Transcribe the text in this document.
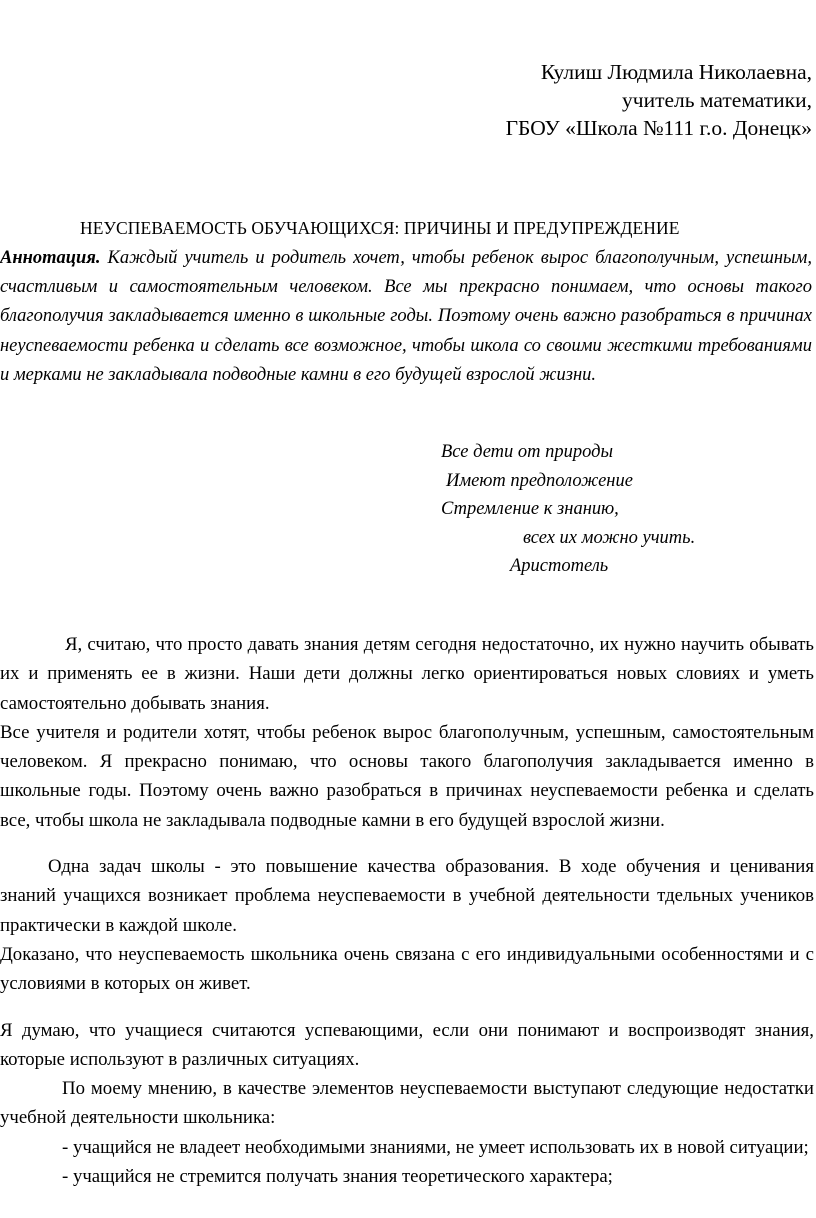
Кулиш Людмила Николаевна,
учитель математики,
ГБОУ «Школа №111 г.о. Донецк»
НЕУСПЕВАЕМОСТЬ ОБУЧАЮЩИХСЯ: ПРИЧИНЫ И ПРЕДУПРЕЖДЕНИЕ
Аннотация. Каждый учитель и родитель хочет, чтобы ребенок вырос благополучным, успешным, счастливым и самостоятельным человеком. Все мы прекрасно понимаем, что основы такого благополучия закладывается именно в школьные годы. Поэтому очень важно разобраться в причинах неуспеваемости ребенка и сделать все возможное, чтобы школа со своими жесткими требованиями и мерками не закладывала подводные камни в его будущей взрослой жизни.
Все дети от природы
Имеют предположение
Стремление к знанию,
всех их можно учить.
Аристотель

Я, считаю, что просто давать знания детям сегодня недостаточно, их нужно научить обывать их и применять ее в жизни. Наши дети должны легко ориентироваться новых словиях и уметь самостоятельно добывать знания.

Все учителя и родители хотят, чтобы ребенок вырос благополучным, успешным, самостоятельным человеком. Я прекрасно понимаю, что основы такого благополучия закладывается именно в школьные годы. Поэтому очень важно разобраться в причинах неуспеваемости ребенка и сделать все, чтобы школа не закладывала подводные камни в его будущей взрослой жизни.

Одна задач школы - это повышение качества образования. В ходе обучения и ценивания знаний учащихся возникает проблема неуспеваемости в учебной деятельности тдельных учеников практически в каждой школе.

Доказано, что неуспеваемость школьника очень связана с его индивидуальными особенностями и с условиями в которых он живет.

Я думаю, что учащиеся считаются успевающими, если они понимают и воспроизводят знания, которые используют в различных ситуациях.

По моему мнению, в качестве элементов неуспеваемости выступают следующие недостатки учебной деятельности школьника:

- учащийся не владеет необходимыми знаниями, не умеет использовать их в новой ситуации;

- учащийся не стремится получать знания теоретического характера;
